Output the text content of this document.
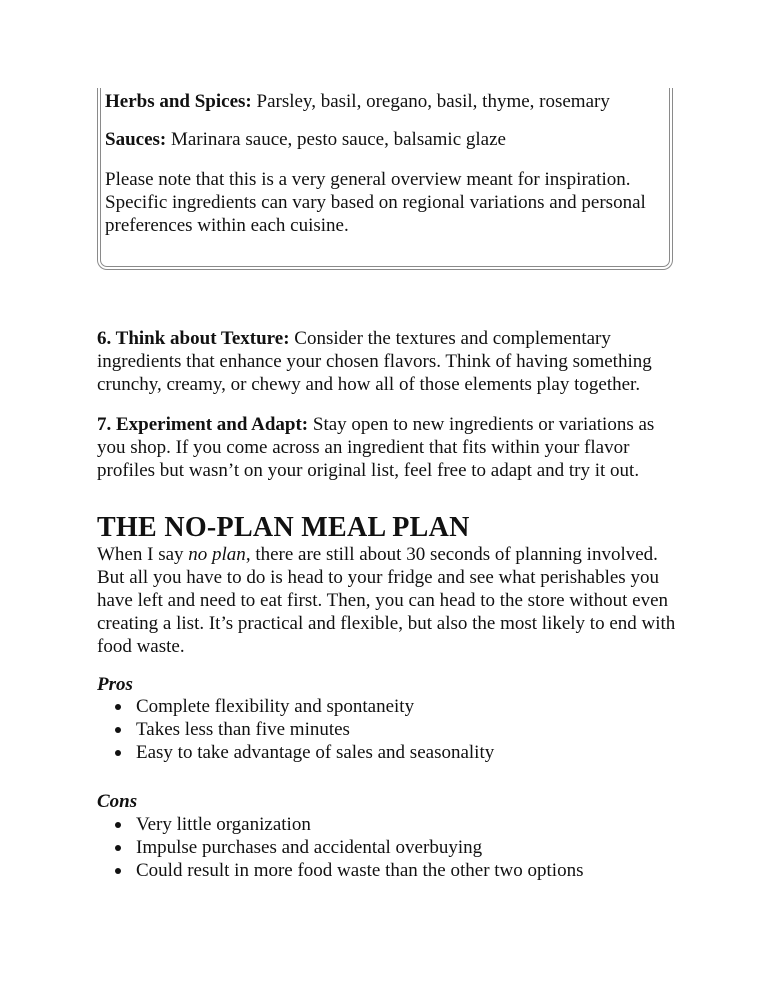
Herbs and Spices: Parsley, basil, oregano, basil, thyme, rosemary

Sauces: Marinara sauce, pesto sauce, balsamic glaze

Please note that this is a very general overview meant for inspiration. Specific ingredients can vary based on regional variations and personal preferences within each cuisine.

6. Think about Texture: Consider the textures and complementary ingredients that enhance your chosen flavors. Think of having something crunchy, creamy, or chewy and how all of those elements play together.

7. Experiment and Adapt: Stay open to new ingredients or variations as you shop. If you come across an ingredient that fits within your flavor profiles but wasn’t on your original list, feel free to adapt and try it out.

THE NO-PLAN MEAL PLAN

When I say no plan, there are still about 30 seconds of planning involved. But all you have to do is head to your fridge and see what perishables you have left and need to eat first. Then, you can head to the store without even creating a list. It’s practical and flexible, but also the most likely to end with food waste.

Pros

Complete flexibility and spontaneity
Takes less than five minutes
Easy to take advantage of sales and seasonality

Cons

Very little organization
Impulse purchases and accidental overbuying
Could result in more food waste than the other two options
